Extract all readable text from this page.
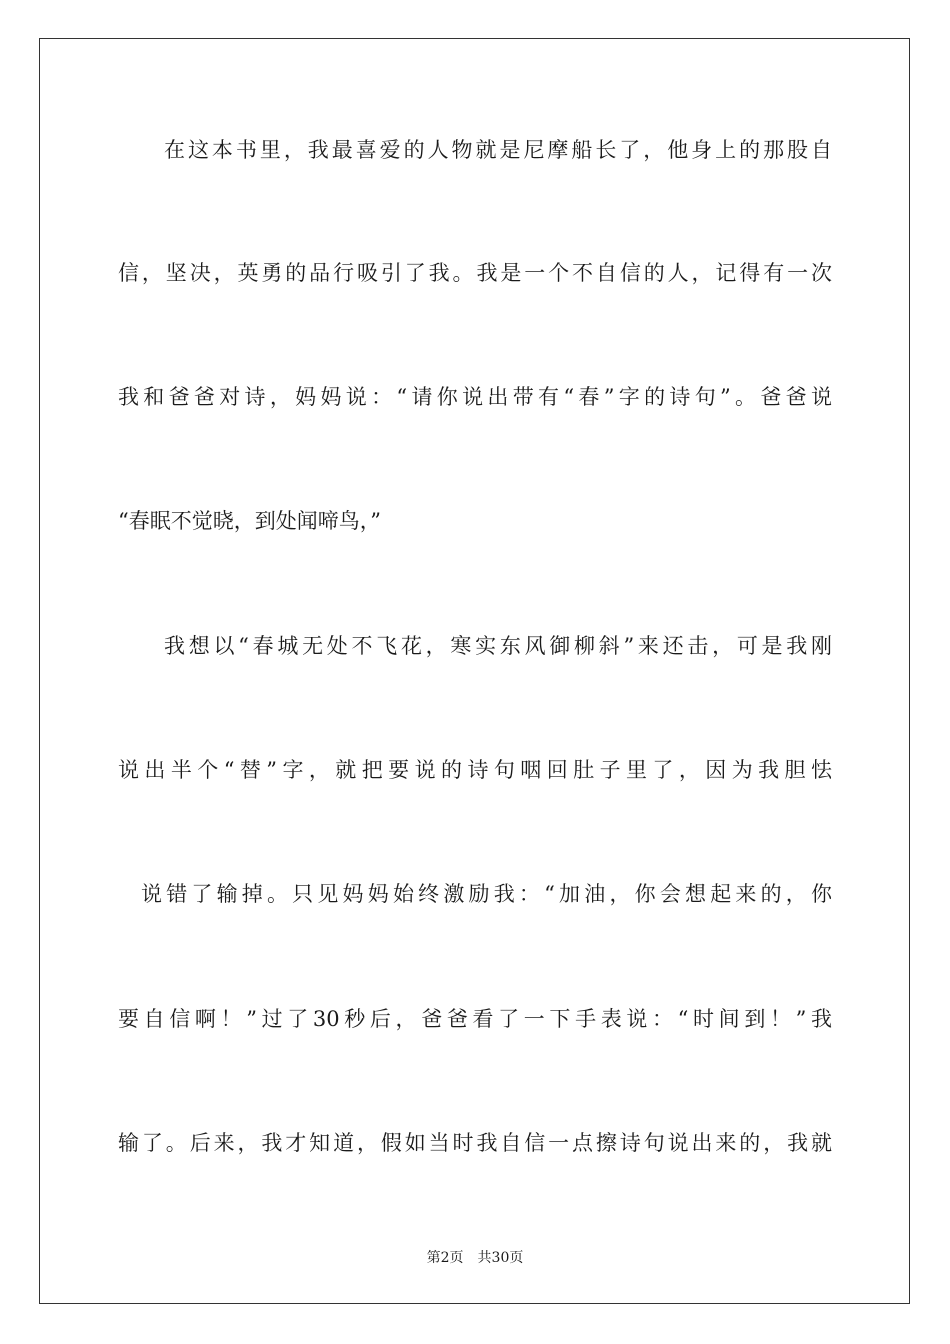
在这本书里，我最喜爱的人物就是尼摩船长了，他身上的那股自
信，坚决，英勇的品行吸引了我。我是一个不自信的人，记得有一次
我和爸爸对诗，妈妈说：“请你说出带有“春”字的诗句”。爸爸说
“春眠不觉晓，到处闻啼鸟，”
我想以“春城无处不飞花，寒实东风御柳斜”来还击，可是我刚
说出半个“替”字，就把要说的诗句咽回肚子里了，因为我胆怯
说错了输掉。只见妈妈始终激励我：“加油，你会想起来的，你
要自信啊！”过了30秒后，爸爸看了一下手表说：“时间到！”我
输了。后来，我才知道，假如当时我自信一点擦诗句说出来的，我就
第2页　共30页
